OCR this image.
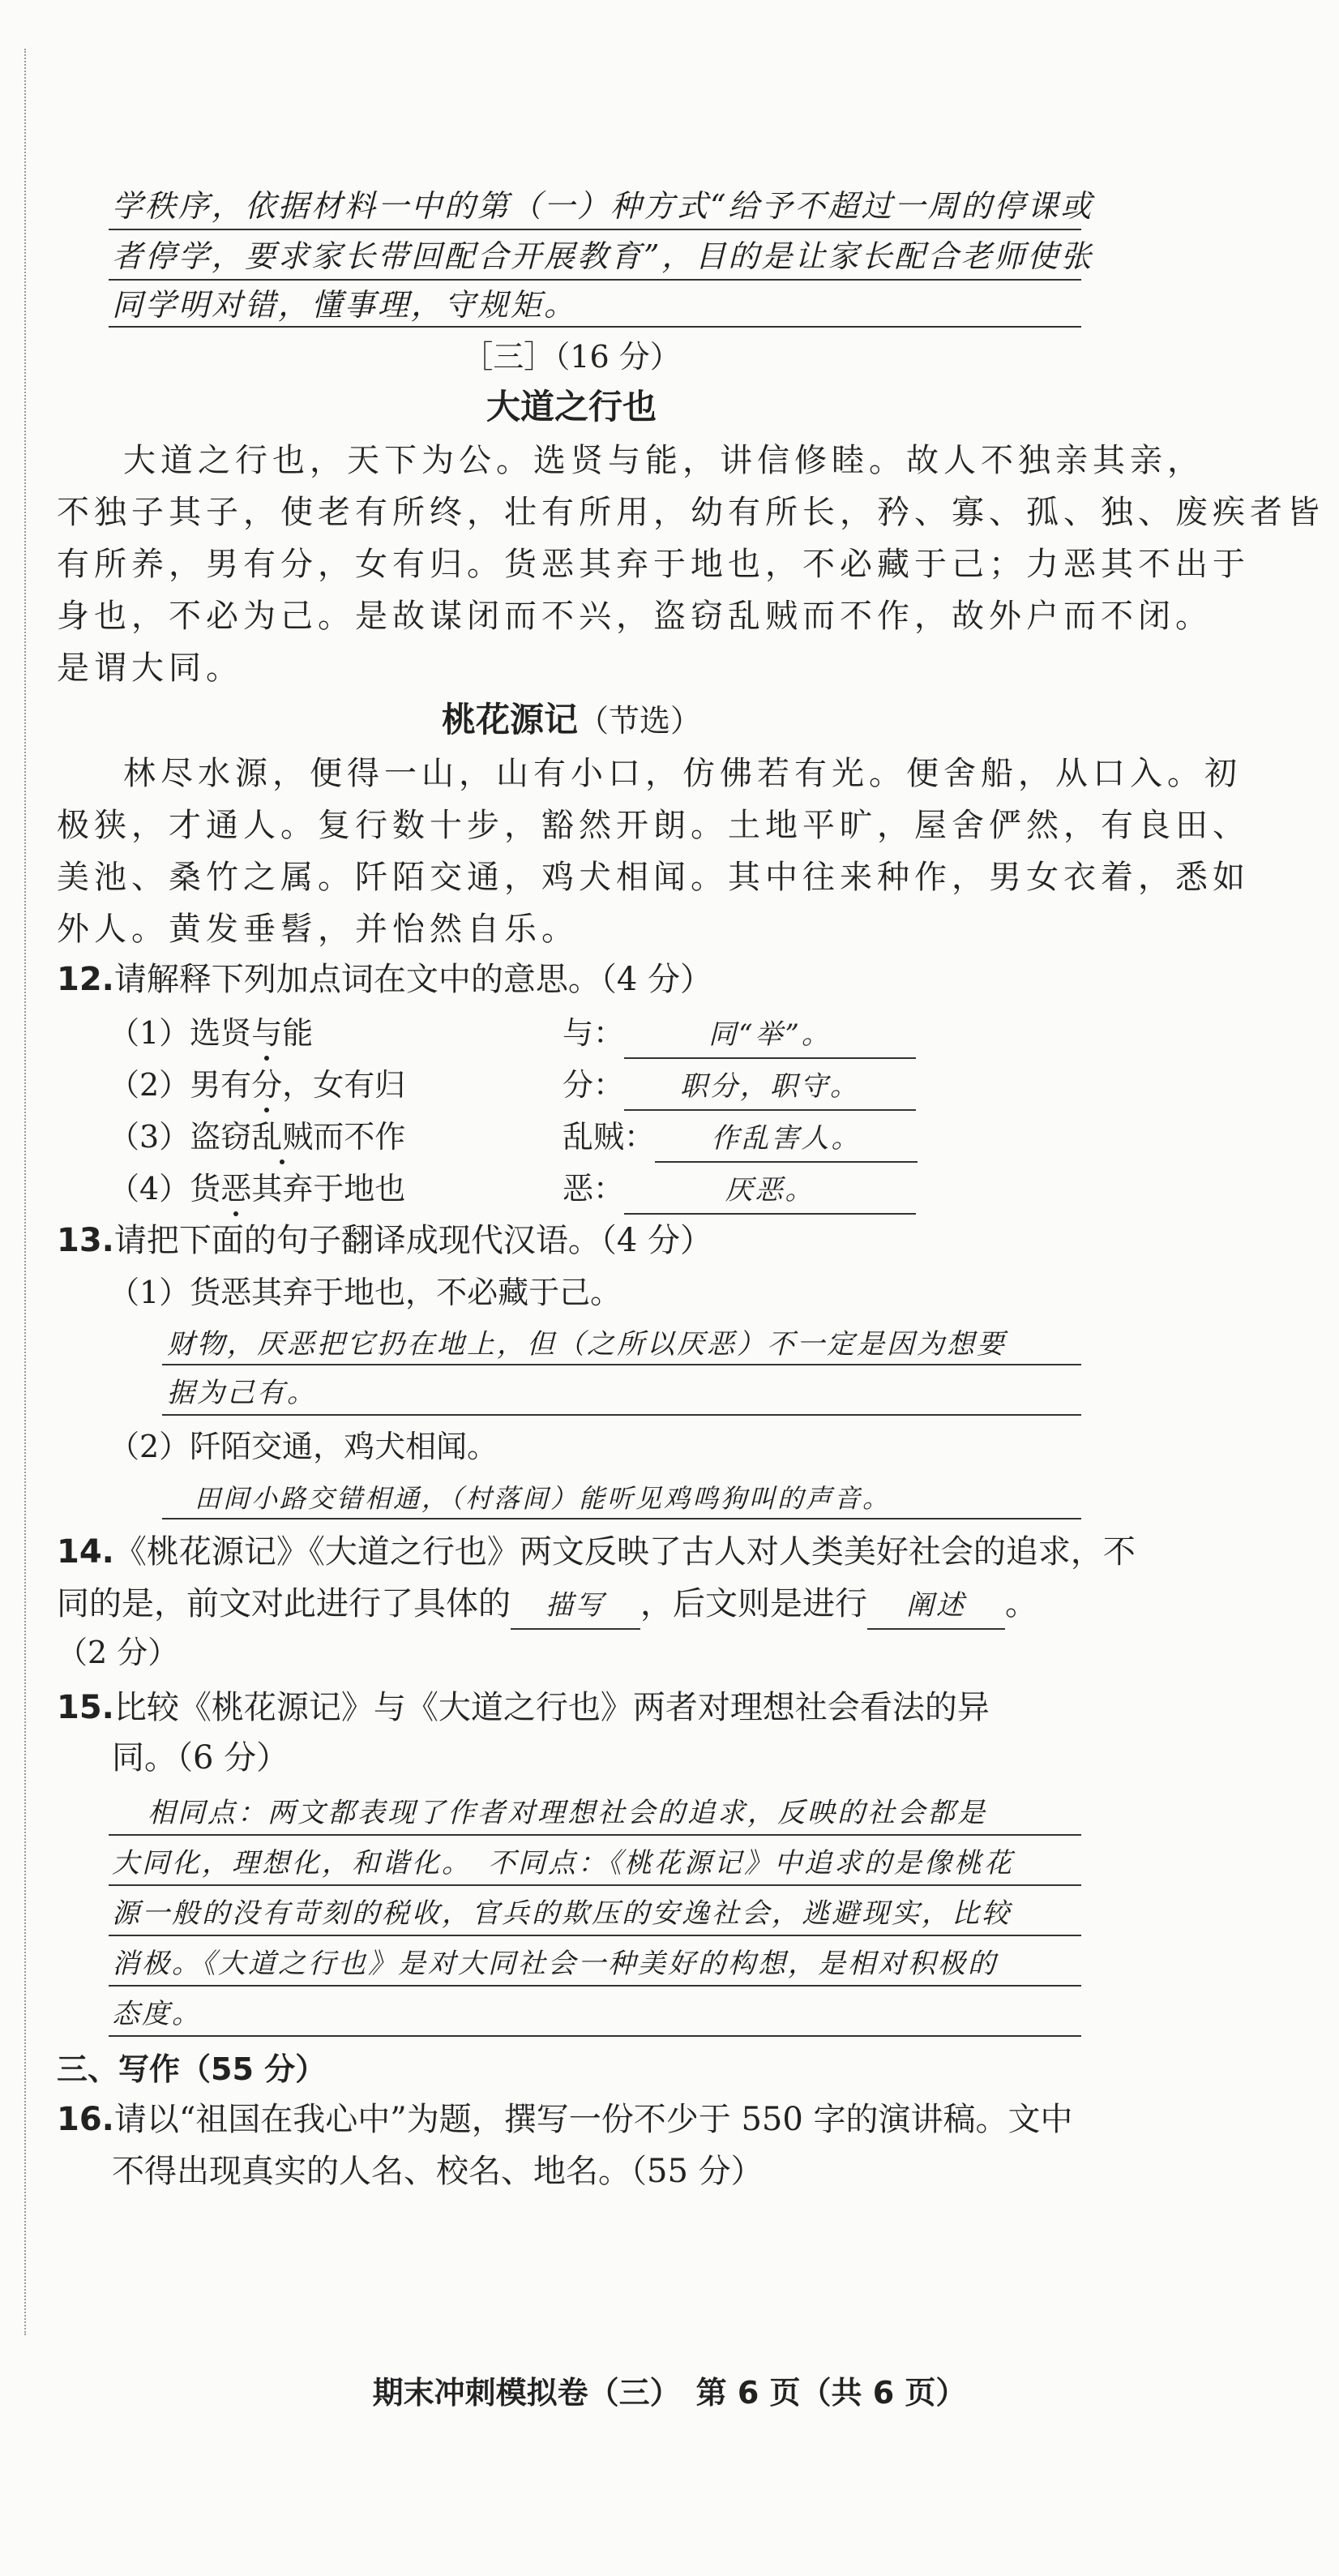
学秩序，依据材料一中的第（一）种方式“给予不超过一周的停课或
者停学，要求家长带回配合开展教育”，目的是让家长配合老师使张
同学明对错，懂事理，守规矩。
［三］（16 分）
大道之行也
大道之行也，天下为公。选贤与能，讲信修睦。故人不独亲其亲，
不独子其子，使老有所终，壮有所用，幼有所长，矜、寡、孤、独、废疾者皆
有所养，男有分，女有归。货恶其弃于地也，不必藏于己；力恶其不出于
身也，不必为己。是故谋闭而不兴，盗窃乱贼而不作，故外户而不闭。
是谓大同。
桃花源记（节选）
林尽水源，便得一山，山有小口，仿佛若有光。便舍船，从口入。初
极狭，才通人。复行数十步，豁然开朗。土地平旷，屋舍俨然，有良田、
美池、桑竹之属。阡陌交通，鸡犬相闻。其中往来种作，男女衣着，悉如
外人。黄发垂髫，并怡然自乐。
12.请解释下列加点词在文中的意思。（4 分）
（1）选贤与能	与：	同“举”。
（2）男有分，女有归	分： 职分，职守。
（3）盗窃乱贼而不作	乱贼： 作乱害人。
（4）货恶其弃于地也	恶：	厌恶。
13.请把下面的句子翻译成现代汉语。（4 分）
（1）货恶其弃于地也，不必藏于己。
财物，厌恶把它扔在地上，但（之所以厌恶）不一定是因为想要
据为己有。
（2）阡陌交通，鸡犬相闻。
田间小路交错相通，（村落间）能听见鸡鸣狗叫的声音。
14.《桃花源记》《大道之行也》两文反映了古人对人类美好社会的追求，不
同的是，前文对此进行了具体的 描写 ，后文则是进行 阐述 。
（2 分）
15.比较《桃花源记》与《大道之行也》两者对理想社会看法的异
同。（6 分）
相同点：两文都表现了作者对理想社会的追求，反映的社会都是
大同化，理想化，和谐化。　不同点：《桃花源记》中追求的是像桃花
源一般的没有苛刻的税收，官兵的欺压的安逸社会，逃避现实，比较
消极。《大道之行也》是对大同社会一种美好的构想，是相对积极的
态度。
三、写作（55 分）
16.请以“祖国在我心中”为题，撰写一份不少于 550 字的演讲稿。文中
不得出现真实的人名、校名、地名。（55 分）
期末冲刺模拟卷（三）　第 6 页（共 6 页）
